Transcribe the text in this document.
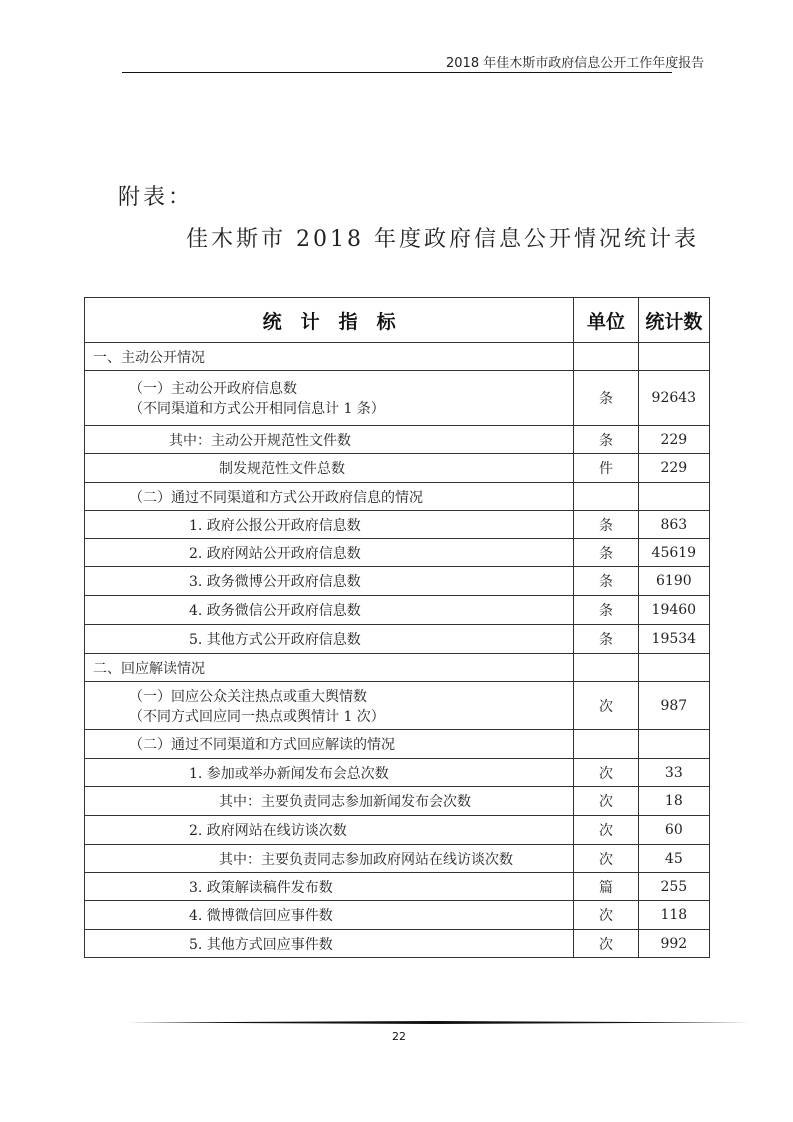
2018 年佳木斯市政府信息公开工作年度报告
附表：
佳木斯市 2018 年度政府信息公开情况统计表
统　计　指　标	单位	统计数
一、主动公开情况		

（一）主动公开政府信息数
（不同渠道和方式公开相同信息计 1 条）	条	92643
其中：主动公开规范性文件数	条	229
制发规范性文件总数	件	229
（二）通过不同渠道和方式公开政府信息的情况		
1. 政府公报公开政府信息数	条	863
2. 政府网站公开政府信息数	条	45619
3. 政务微博公开政府信息数	条	6190
4. 政务微信公开政府信息数	条	19460
5. 其他方式公开政府信息数	条	19534
二、回应解读情况		

（一）回应公众关注热点或重大舆情数
（不同方式回应同一热点或舆情计 1 次）	次	987
（二）通过不同渠道和方式回应解读的情况		
1. 参加或举办新闻发布会总次数	次	33
其中：主要负责同志参加新闻发布会次数	次	18
2. 政府网站在线访谈次数	次	60
其中：主要负责同志参加政府网站在线访谈次数	次	45
3. 政策解读稿件发布数	篇	255
4. 微博微信回应事件数	次	118
5. 其他方式回应事件数	次	992
22
